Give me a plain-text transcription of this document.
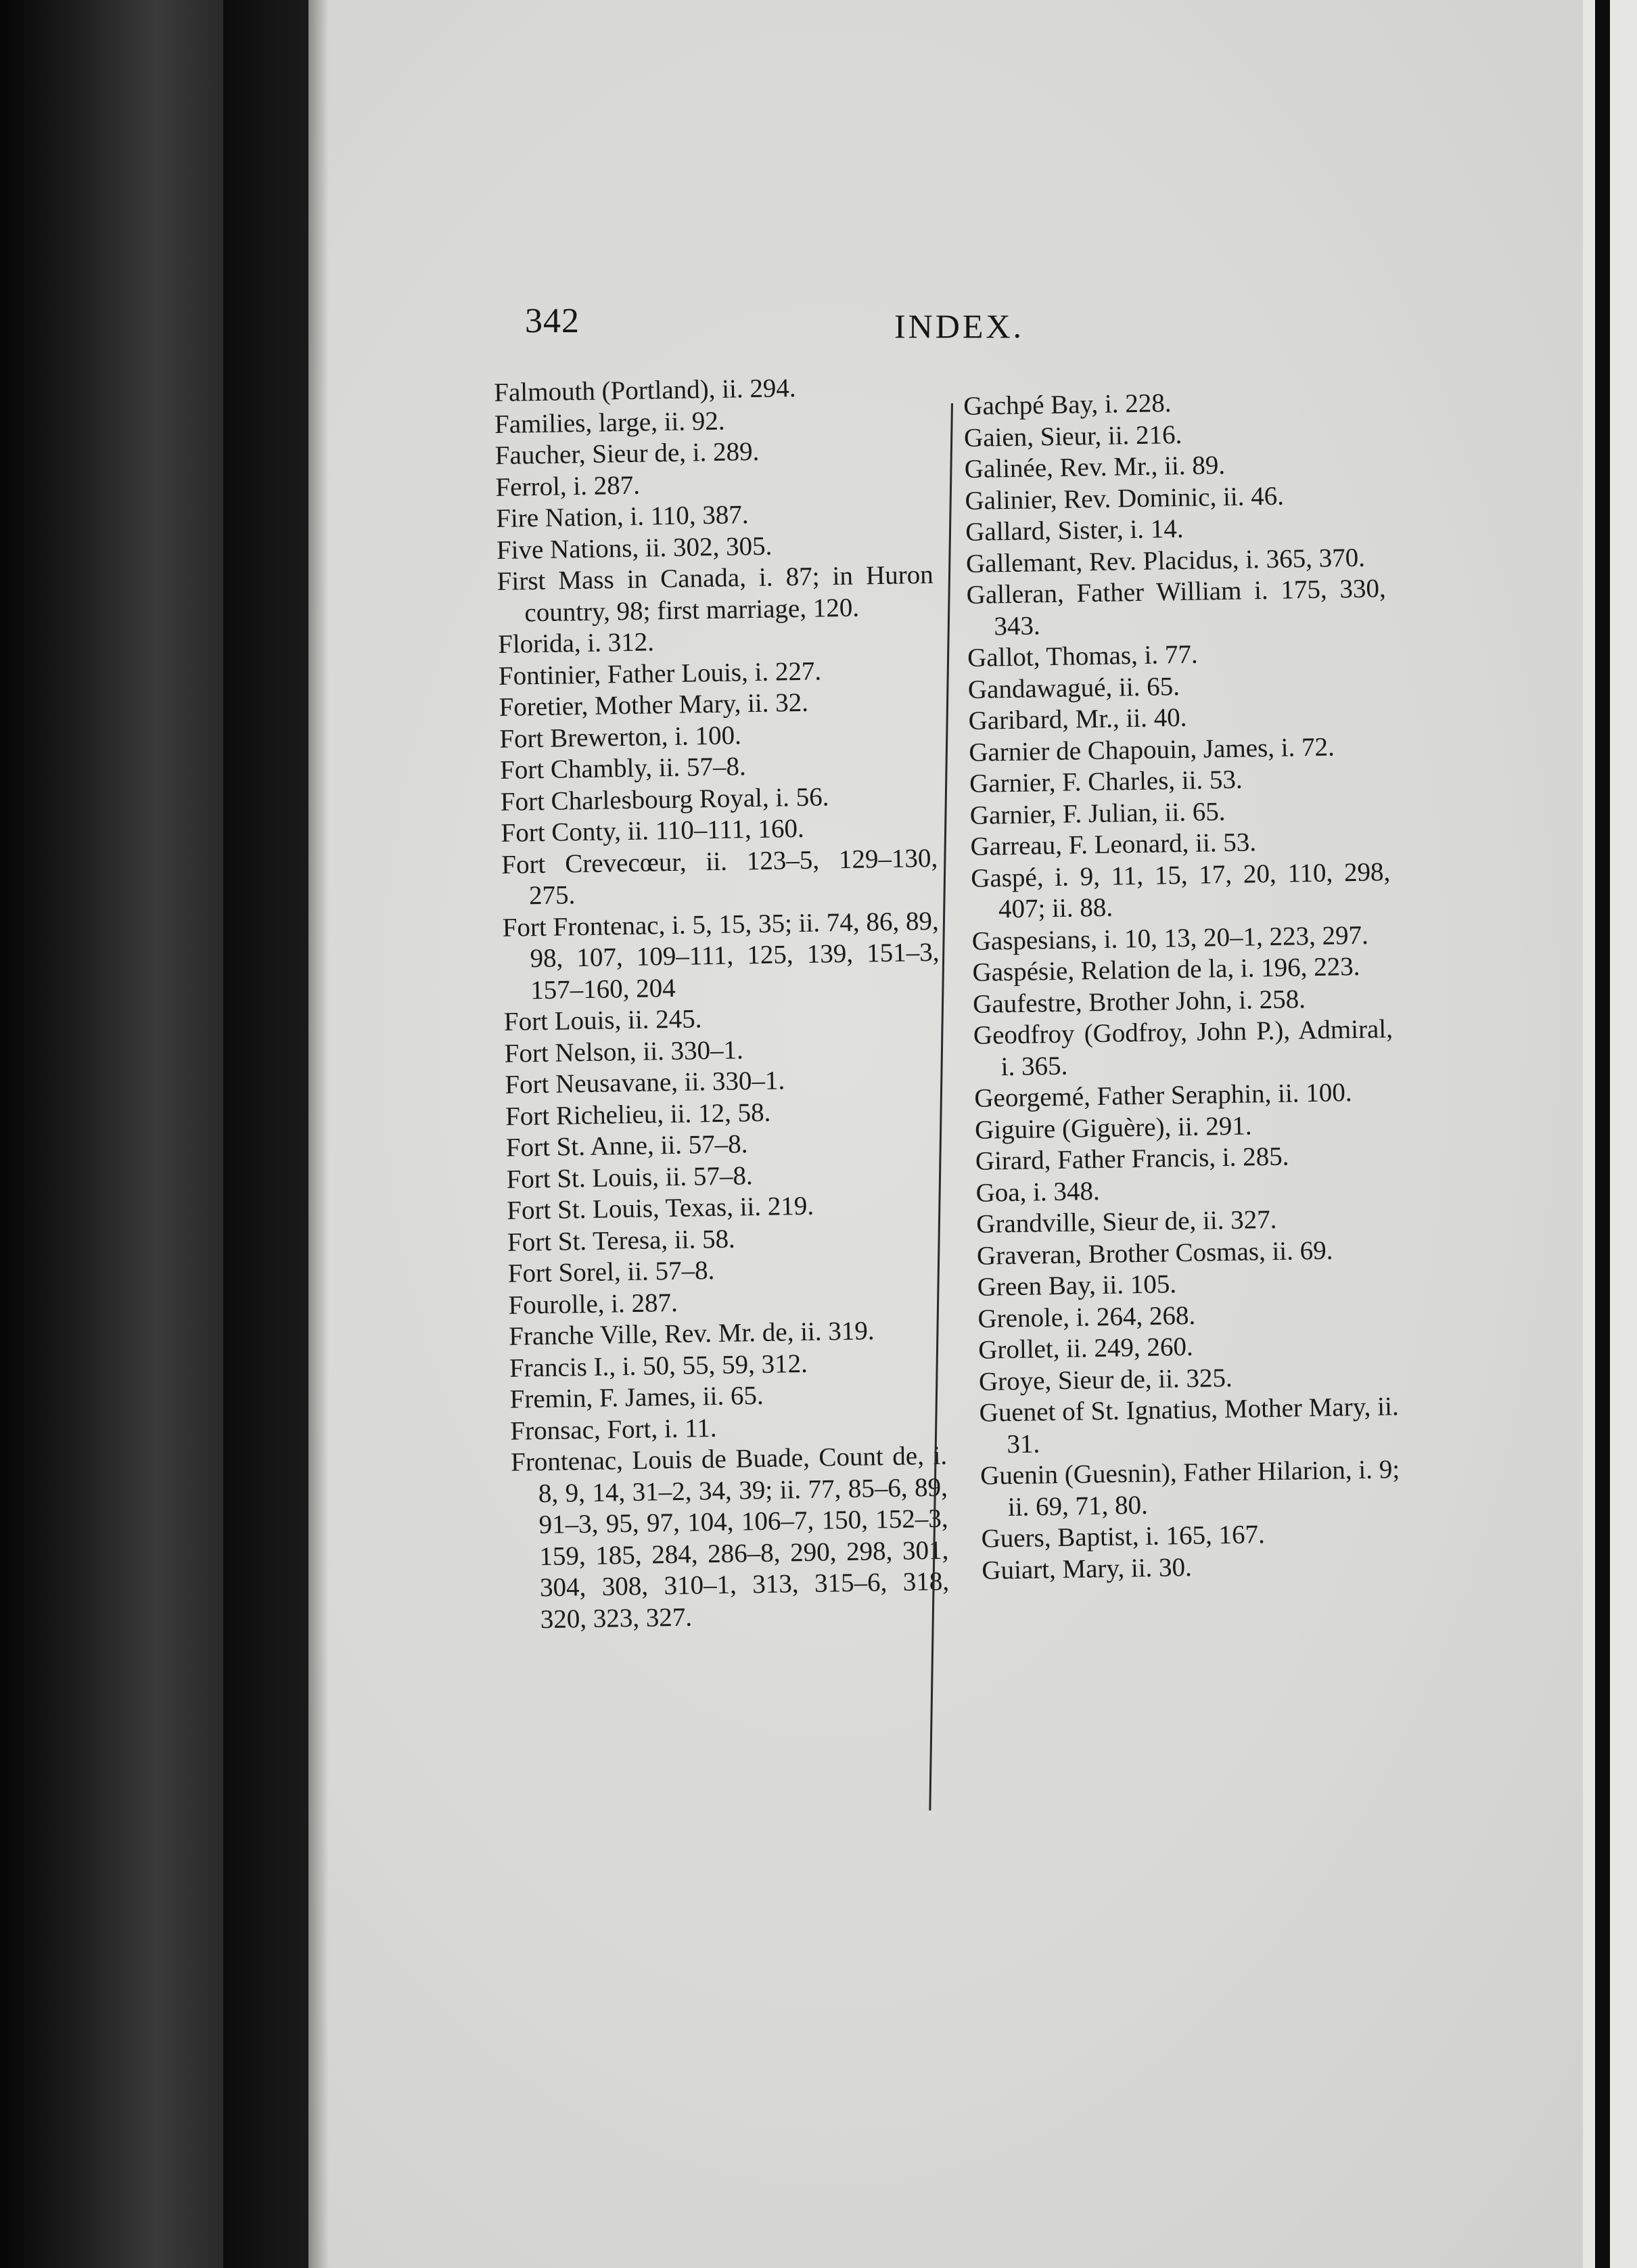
342	INDEX.
Falmouth (Portland), ii. 294.
Families, large, ii. 92.
Faucher, Sieur de, i. 289.
Ferrol, i. 287.
Fire Nation, i. 110, 387.
Five Nations, ii. 302, 305.
First Mass in Canada, i. 87; in Huron country, 98; first marriage, 120.
Florida, i. 312.
Fontinier, Father Louis, i. 227.
Foretier, Mother Mary, ii. 32.
Fort Brewerton, i. 100.
Fort Chambly, ii. 57–8.
Fort Charlesbourg Royal, i. 56.
Fort Conty, ii. 110–111, 160.
Fort Crevecœur, ii. 123–5, 129–130, 275.
Fort Frontenac, i. 5, 15, 35; ii. 74, 86, 89, 98, 107, 109–111, 125, 139, 151–3, 157–160, 204
Fort Louis, ii. 245.
Fort Nelson, ii. 330–1.
Fort Neusavane, ii. 330–1.
Fort Richelieu, ii. 12, 58.
Fort St. Anne, ii. 57–8.
Fort St. Louis, ii. 57–8.
Fort St. Louis, Texas, ii. 219.
Fort St. Teresa, ii. 58.
Fort Sorel, ii. 57–8.
Fourolle, i. 287.
Franche Ville, Rev. Mr. de, ii. 319.
Francis I., i. 50, 55, 59, 312.
Fremin, F. James, ii. 65.
Fronsac, Fort, i. 11.
Frontenac, Louis de Buade, Count de, i. 8, 9, 14, 31–2, 34, 39; ii. 77, 85–6, 89, 91–3, 95, 97, 104, 106–7, 150, 152–3, 159, 185, 284, 286–8, 290, 298, 301, 304, 308, 310–1, 313, 315–6, 318, 320, 323, 327.
Gachpé Bay, i. 228.
Gaien, Sieur, ii. 216.
Galinée, Rev. Mr., ii. 89.
Galinier, Rev. Dominic, ii. 46.
Gallard, Sister, i. 14.
Gallemant, Rev. Placidus, i. 365, 370.
Galleran, Father William i. 175, 330, 343.
Gallot, Thomas, i. 77.
Gandawagué, ii. 65.
Garibard, Mr., ii. 40.
Garnier de Chapouin, James, i. 72.
Garnier, F. Charles, ii. 53.
Garnier, F. Julian, ii. 65.
Garreau, F. Leonard, ii. 53.
Gaspé, i. 9, 11, 15, 17, 20, 110, 298, 407; ii. 88.
Gaspesians, i. 10, 13, 20–1, 223, 297.
Gaspésie, Relation de la, i. 196, 223.
Gaufestre, Brother John, i. 258.
Geodfroy (Godfroy, John P.), Admiral, i. 365.
Georgemé, Father Seraphin, ii. 100.
Giguire (Giguère), ii. 291.
Girard, Father Francis, i. 285.
Goa, i. 348.
Grandville, Sieur de, ii. 327.
Graveran, Brother Cosmas, ii. 69.
Green Bay, ii. 105.
Grenole, i. 264, 268.
Grollet, ii. 249, 260.
Groye, Sieur de, ii. 325.
Guenet of St. Ignatius, Mother Mary, ii. 31.
Guenin (Guesnin), Father Hilarion, i. 9; ii. 69, 71, 80.
Guers, Baptist, i. 165, 167.
Guiart, Mary, ii. 30.
